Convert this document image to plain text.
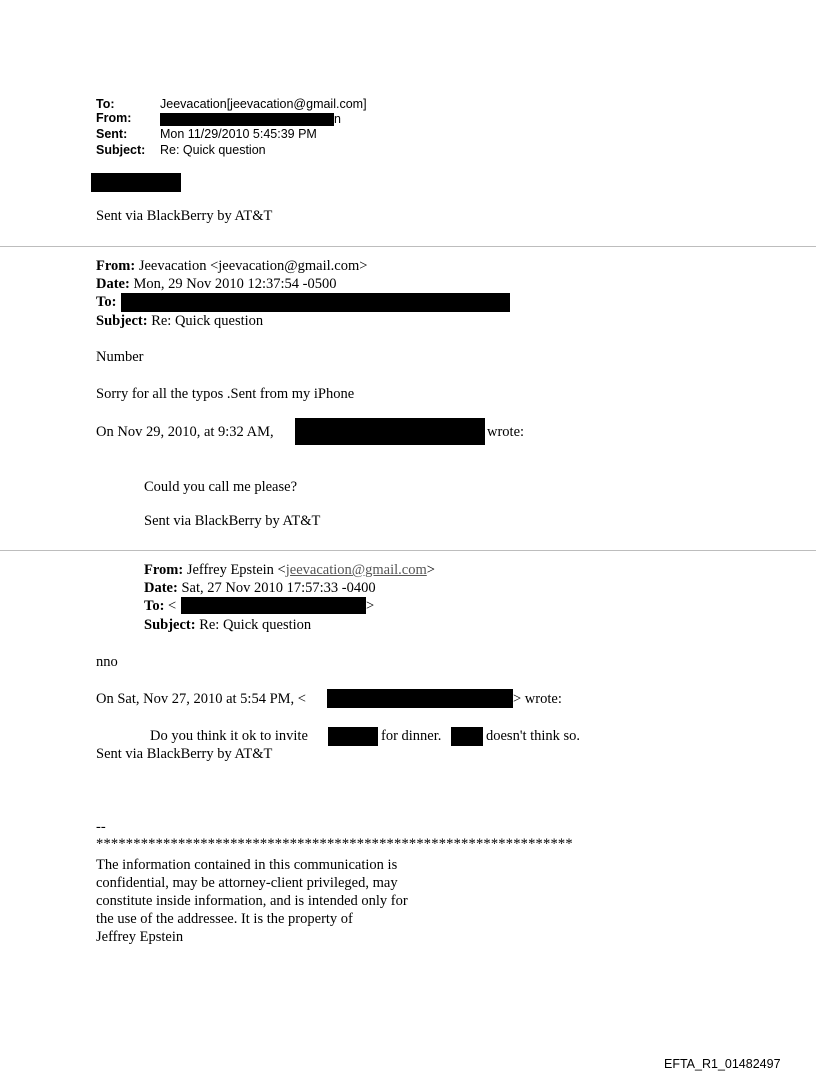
To:	Jeevacation[jeevacation@gmail.com]
From:	n
Sent:	Mon 11/29/2010 5:45:39 PM
Subject: Re: Quick question
Sent via BlackBerry by AT&T
From: Jeevacation <jeevacation@gmail.com>
Date: Mon, 29 Nov 2010 12:37:54 -0500
To:
Subject: Re: Quick question
Number
Sorry for all the typos .Sent from my iPhone
On Nov 29, 2010, at 9:32 AM,	wrote:
Could you call me please?
Sent via BlackBerry by AT&T
From: Jeffrey Epstein <jeevacation@gmail.com>
Date: Sat, 27 Nov 2010 17:57:33 -0400
To: <	>
Subject: Re: Quick question
nno
On Sat, Nov 27, 2010 at 5:54 PM, <	> wrote:
Do you think it ok to invite	for dinner.	doesn't think so.
Sent via BlackBerry by AT&T
--
****************************************************************
The information contained in this communication is
confidential, may be attorney-client privileged, may
constitute inside information, and is intended only for
the use of the addressee. It is the property of
Jeffrey Epstein
EFTA_R1_01482497
